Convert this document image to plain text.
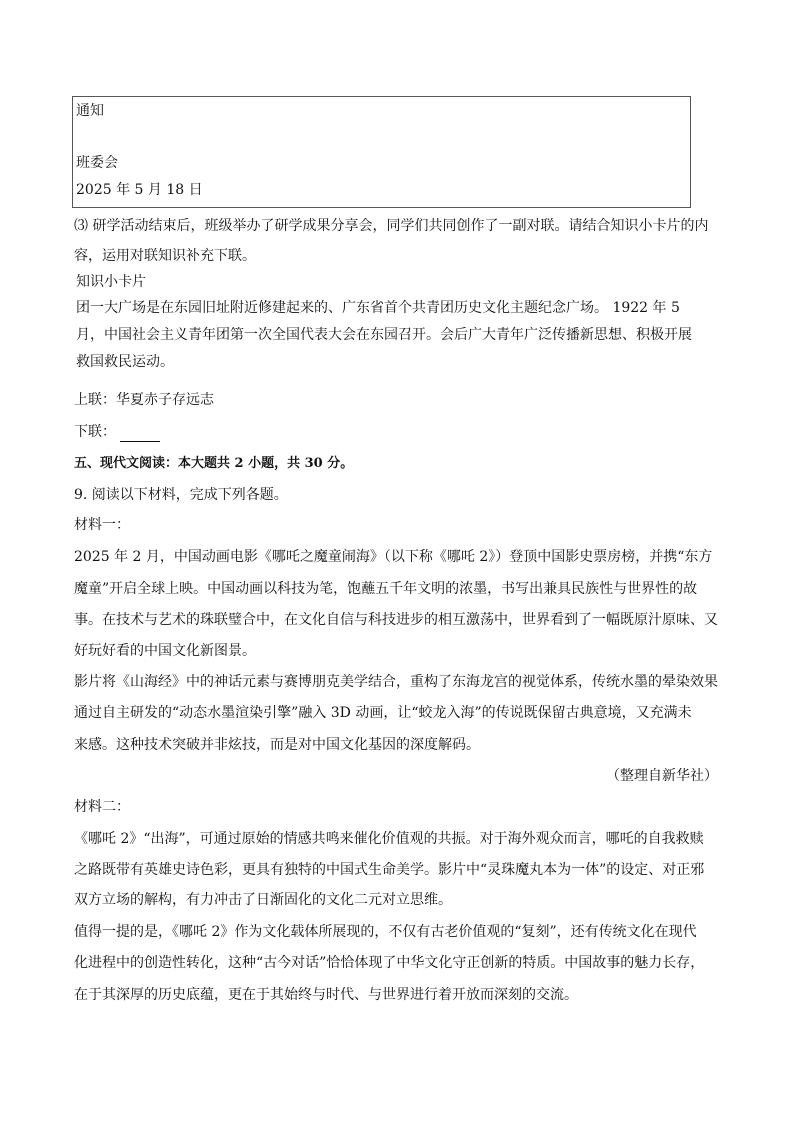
通知
班委会
2025 年 5 月 18 日
⑶ 研学活动结束后，班级举办了研学成果分享会，同学们共同创作了一副对联。请结合知识小卡片的内
容，运用对联知识补充下联。
知识小卡片
团一大广场是在东园旧址附近修建起来的、广东省首个共青团历史文化主题纪念广场。 1922 年 5
月，中国社会主义青年团第一次全国代表大会在东园召开。会后广大青年广泛传播新思想、积极开展
救国救民运动。
上联：华夏赤子存远志
下联：
五、现代文阅读：本大题共 2 小题，共 30 分。
9. 阅读以下材料，完成下列各题。
材料一：
2025 年 2 月，中国动画电影《哪吒之魔童闹海》（以下称《哪吒 2》）登顶中国影史票房榜，并携“东方
魔童”开启全球上映。中国动画以科技为笔，饱蘸五千年文明的浓墨，书写出兼具民族性与世界性的故
事。在技术与艺术的珠联璧合中，在文化自信与科技进步的相互激荡中，世界看到了一幅既原汁原味、又
好玩好看的中国文化新图景。
影片将《山海经》中的神话元素与赛博朋克美学结合，重构了东海龙宫的视觉体系，传统水墨的晕染效果
通过自主研发的“动态水墨渲染引擎”融入 3D 动画，让“蛟龙入海”的传说既保留古典意境，又充满未
来感。这种技术突破并非炫技，而是对中国文化基因的深度解码。
（整理自新华社）
材料二：
《哪吒 2》“出海”，可通过原始的情感共鸣来催化价值观的共振。对于海外观众而言，哪吒的自我救赎
之路既带有英雄史诗色彩，更具有独特的中国式生命美学。影片中“灵珠魔丸本为一体”的设定、对正邪
双方立场的解构，有力冲击了日渐固化的文化二元对立思维。
值得一提的是，《哪吒 2》作为文化载体所展现的，不仅有古老价值观的“复刻”，还有传统文化在现代
化进程中的创造性转化，这种“古今对话”恰恰体现了中华文化守正创新的特质。中国故事的魅力长存，
在于其深厚的历史底蕴，更在于其始终与时代、与世界进行着开放而深刻的交流。
